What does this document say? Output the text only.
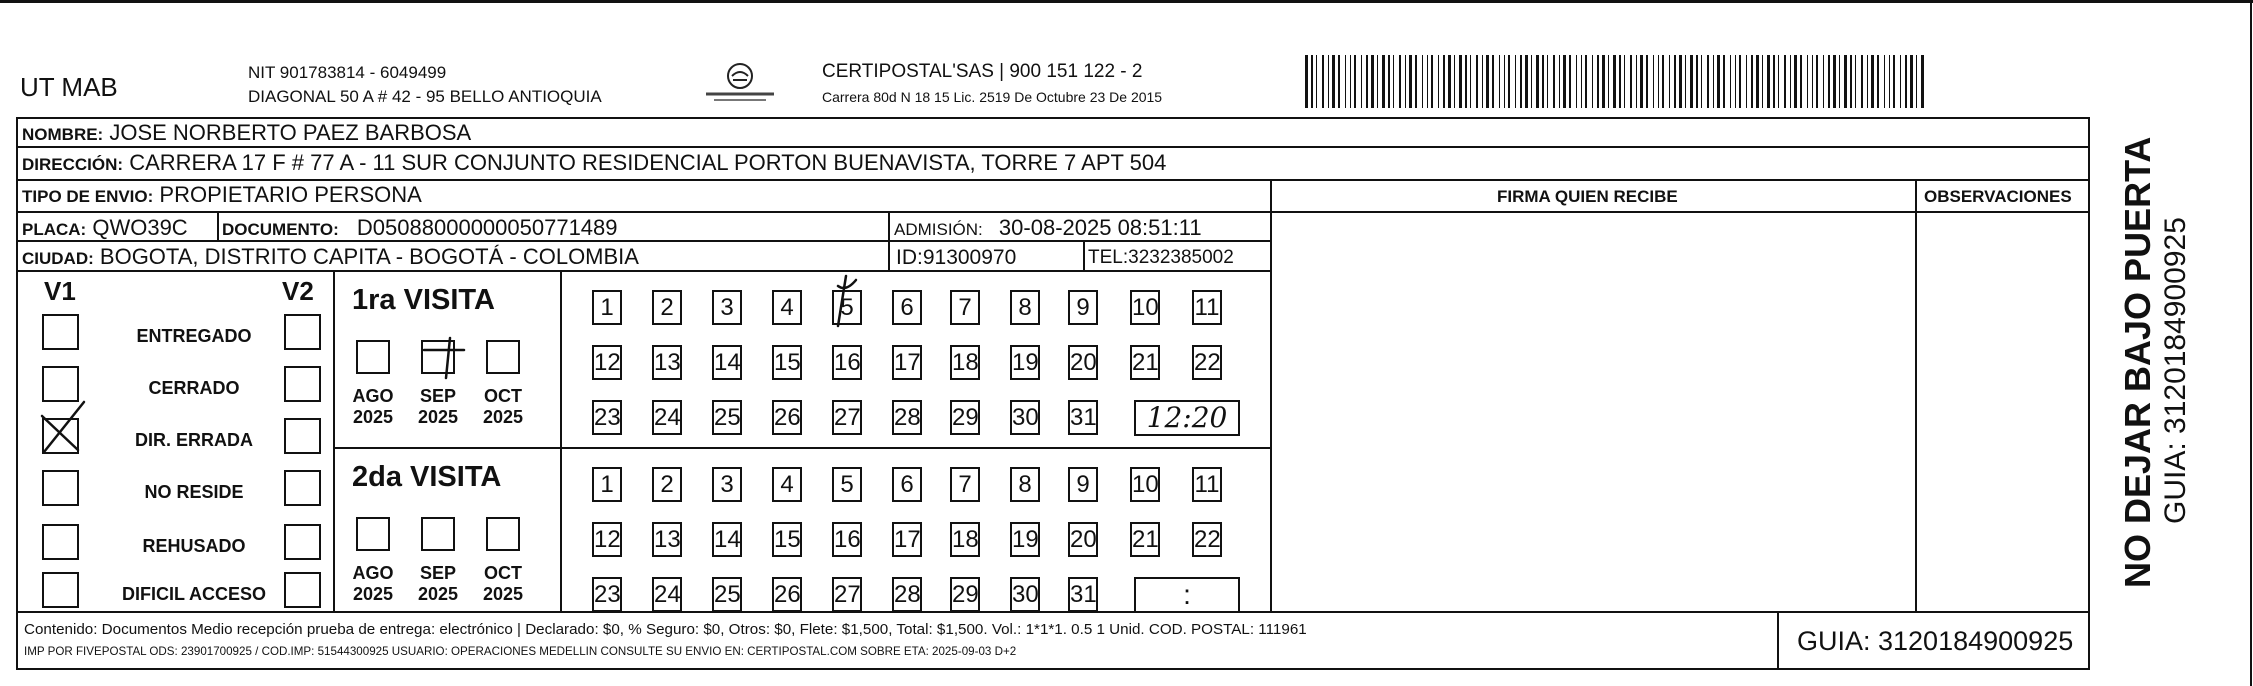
UT MAB	NIT 901783814 - 6049499
DIAGONAL 50 A # 42 - 95 BELLO ANTIOQUIA
CERTIPOSTAL'SAS | 900 151 122 - 2
Carrera 80d N 18 15 Lic. 2519 De Octubre 23 De 2015
NOMBRE: JOSE NORBERTO PAEZ BARBOSA
DIRECCIÓN: CARRERA 17 F # 77 A - 11 SUR CONJUNTO RESIDENCIAL PORTON BUENAVISTA, TORRE 7 APT 504
TIPO DE ENVIO: PROPIETARIO PERSONA	FIRMA QUIEN RECIBE	OBSERVACIONES
PLACA: QWO39C DOCUMENTO: D05088000000050771489	ADMISIÓN: 30-08-2025 08:51:11
CIUDAD: BOGOTA, DISTRITO CAPITA - BOGOTÁ - COLOMBIA	ID:91300970	TEL:3232385002
V1	V2
ENTREGADO
CERRADO
DIR. ERRADA
NO RESIDE
REHUSADO
DIFICIL ACCESO
1ra VISITA
AGO
2025
SEP
2025
OCT
2025
1	2	3	4	5	6	7	8	9	10 11
12 13 14 15 16 17 18 19 20 21 22
23 24 25 26 27 28 29 30 31	12:20
2da VISITA
AGO
2025
SEP
2025
OCT
2025
1	2	3	4	5	6	7	8	9	10 11
12 13 14 15 16 17 18 19 20 21 22
23 24 25 26 27 28 29 30 31	:
Contenido: Documentos Medio recepción prueba de entrega: electrónico | Declarado: $0, % Seguro: $0, Otros: $0, Flete: $1,500, Total: $1,500. Vol.: 1*1*1. 0.5 1 Unid. COD. POSTAL: 111961
IMP POR FIVEPOSTAL ODS: 23901700925 / COD.IMP: 51544300925 USUARIO: OPERACIONES MEDELLIN CONSULTE SU ENVIO EN: CERTIPOSTAL.COM SOBRE ETA: 2025-09-03 D+2	GUIA: 3120184900925
NO DEJAR BAJO PUERTA GUIA: 3120184900925
